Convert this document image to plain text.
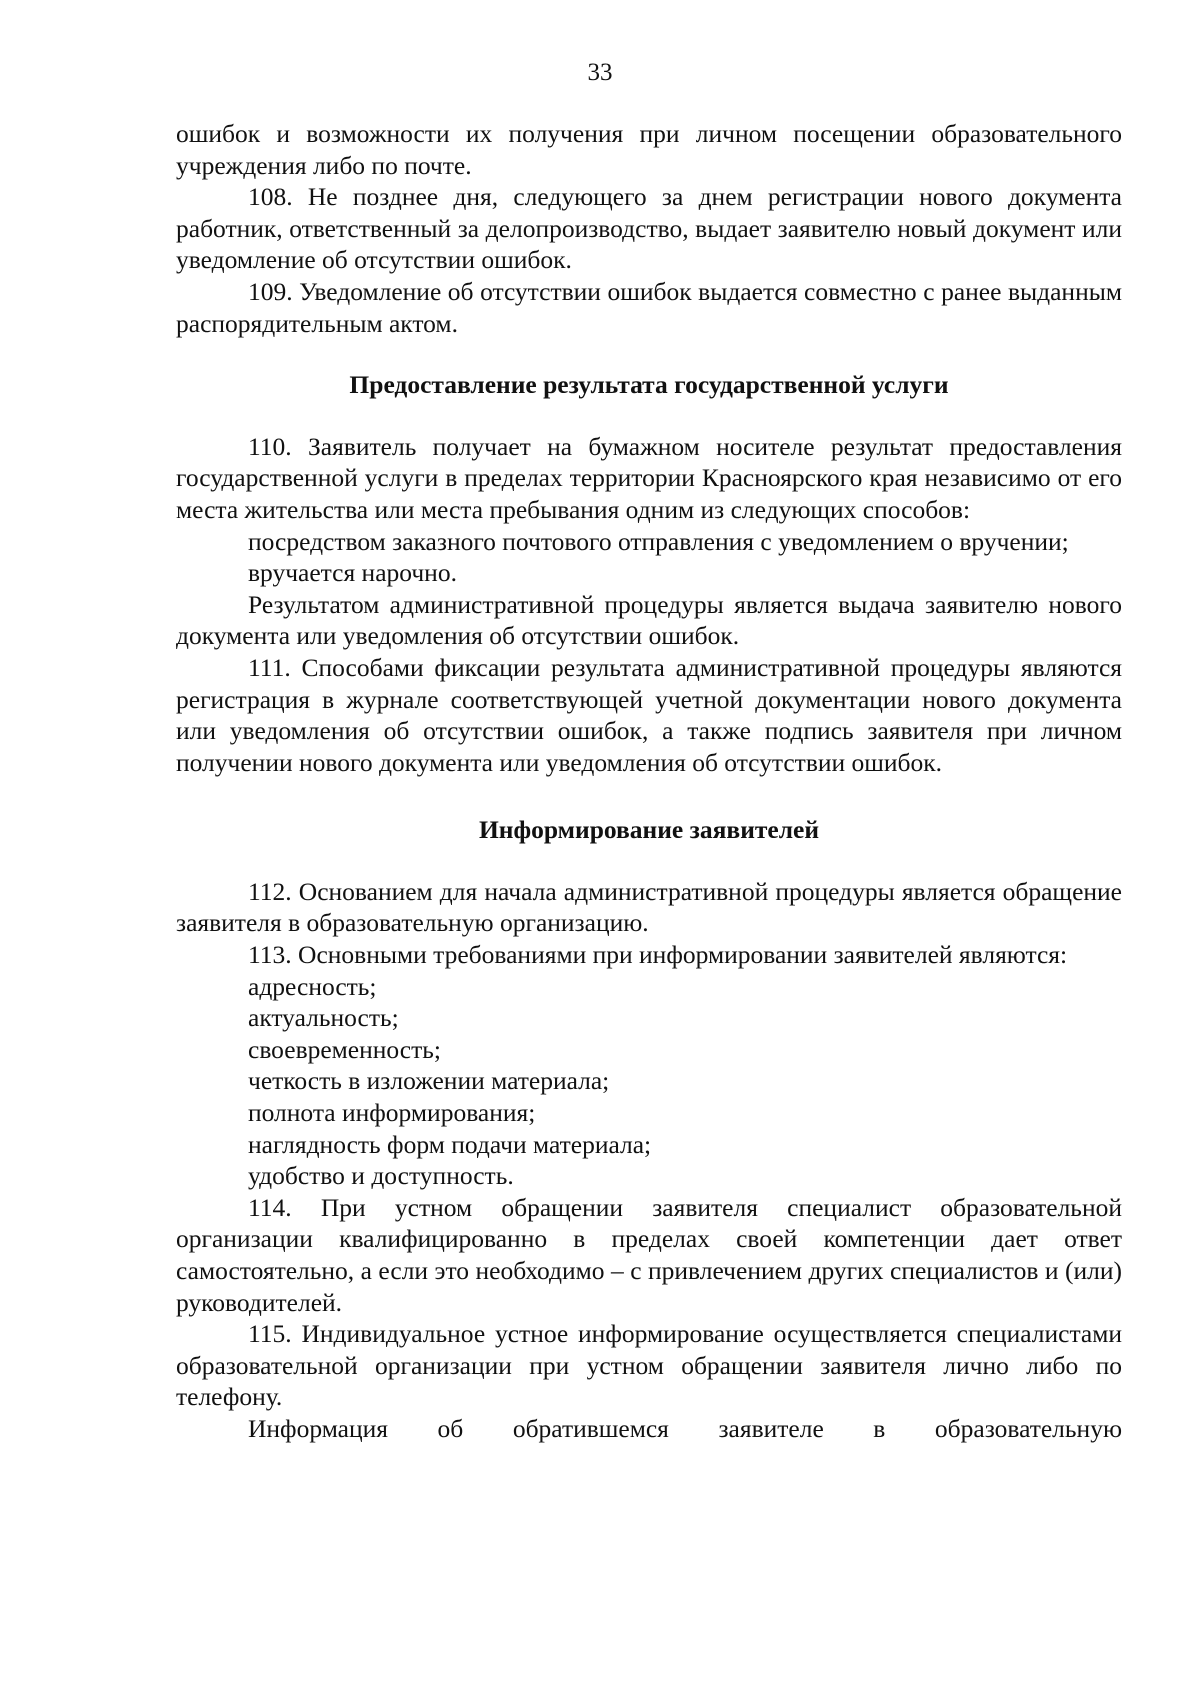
33

ошибок и возможности их получения при личном посещении образовательного учреждения либо по почте.

108. Не позднее дня, следующего за днем регистрации нового документа работник, ответственный за делопроизводство, выдает заявителю новый документ или уведомление об отсутствии ошибок.

109. Уведомление об отсутствии ошибок выдается совместно с ранее выданным распорядительным актом.

Предоставление результата государственной услуги

110. Заявитель получает на бумажном носителе результат предоставления государственной услуги в пределах территории Красноярского края независимо от его места жительства или места пребывания одним из следующих способов:

посредством заказного почтового отправления с уведомлением о вручении;

вручается нарочно.

Результатом административной процедуры является выдача заявителю нового документа или уведомления об отсутствии ошибок.

111. Способами фиксации результата административной процедуры являются регистрация в журнале соответствующей учетной документации нового документа или уведомления об отсутствии ошибок, а также подпись заявителя при личном получении нового документа или уведомления об отсутствии ошибок.

Информирование заявителей

112. Основанием для начала административной процедуры является обращение заявителя в образовательную организацию.

113. Основными требованиями при информировании заявителей являются:

адресность;

актуальность;

своевременность;

четкость в изложении материала;

полнота информирования;

наглядность форм подачи материала;

удобство и доступность.

114. При устном обращении заявителя специалист образовательной организации квалифицированно в пределах своей компетенции дает ответ самостоятельно, а если это необходимо – с привлечением других специалистов и (или) руководителей.

115. Индивидуальное устное информирование осуществляется специалистами образовательной организации при устном обращении заявителя лично либо по телефону.

Информация об обратившемся заявителе в образовательную
